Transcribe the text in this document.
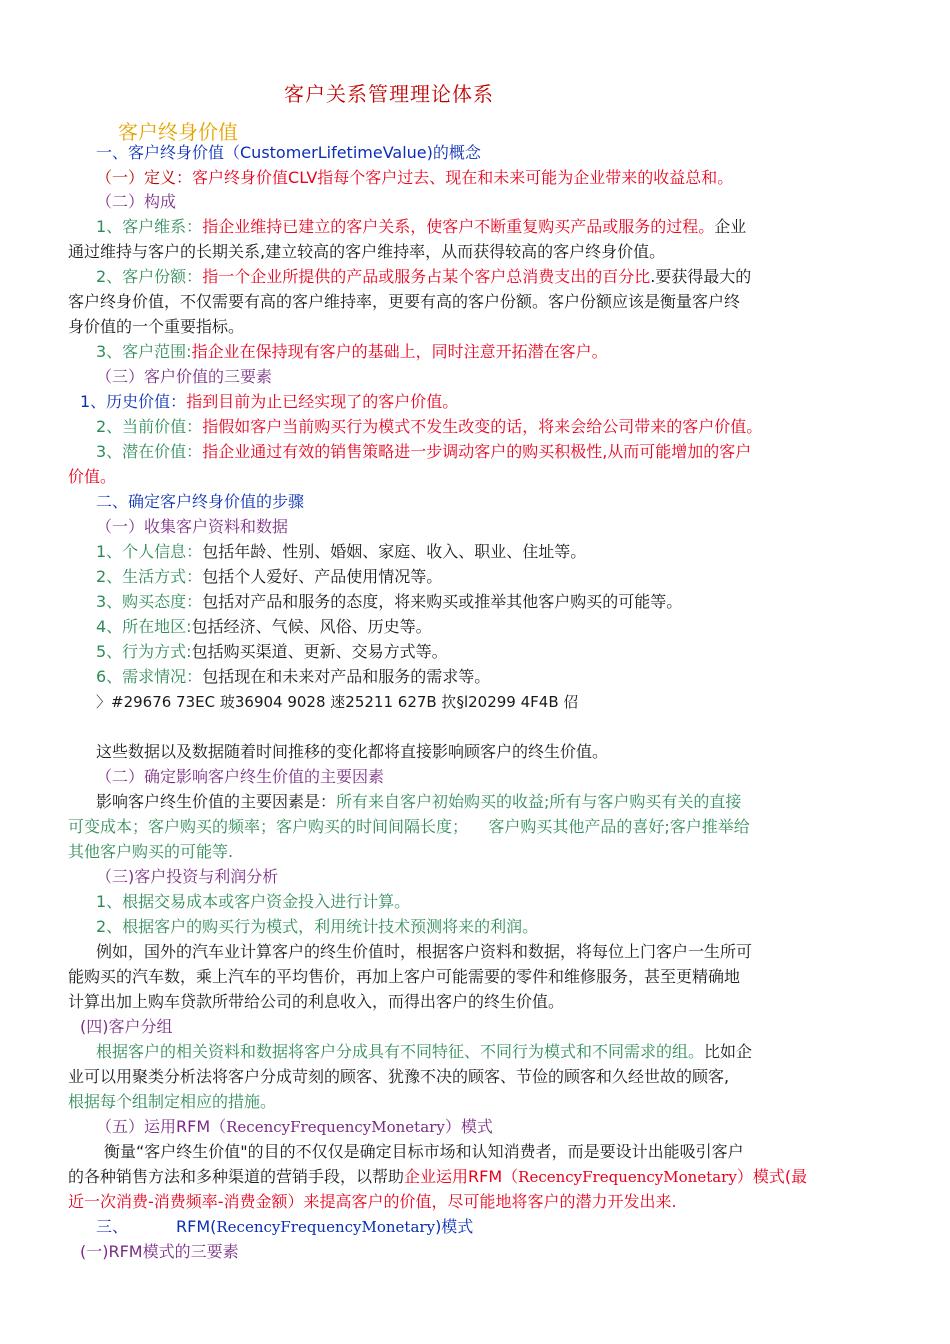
客户关系管理理论体系
客户终身价值
一、客户终身价值（CustomerLifetimeValue)的概念
（一）定义：客户终身价值CLV指每个客户过去、现在和未来可能为企业带来的收益总和。
（二）构成
1、客户维系：指企业维持已建立的客户关系，使客户不断重复购买产品或服务的过程。企业
通过维持与客户的长期关系,建立较高的客户维持率，从而获得较高的客户终身价值。
2、客户份额：指一个企业所提供的产品或服务占某个客户总消费支出的百分比.要获得最大的
客户终身价值，不仅需要有高的客户维持率，更要有高的客户份额。客户份额应该是衡量客户终
身价值的一个重要指标。
3、客户范围:指企业在保持现有客户的基础上，同时注意开拓潜在客户。
（三）客户价值的三要素
1、历史价值：指到目前为止已经实现了的客户价值。
2、当前价值：指假如客户当前购买行为模式不发生改变的话，将来会给公司带来的客户价值。
3、潜在价值：指企业通过有效的销售策略进一步调动客户的购买积极性,从而可能增加的客户
价值。
二、确定客户终身价值的步骤
（一）收集客户资料和数据
1、个人信息：包括年龄、性别、婚姻、家庭、收入、职业、住址等。
2、生活方式：包括个人爱好、产品使用情况等。
3、购买态度：包括对产品和服务的态度，将来购买或推举其他客户购买的可能等。
4、所在地区:包括经济、气候、风俗、历史等。
5、行为方式:包括购买渠道、更新、交易方式等。
6、需求情况：包括现在和未来对产品和服务的需求等。
〉#29676 73EC 玻36904 9028 逨25211 627B 扻§l20299 4F4B 佋
这些数据以及数据随着时间推移的变化都将直接影响顾客户的终生价值。
（二）确定影响客户终生价值的主要因素
影响客户终生价值的主要因素是：所有来自客户初始购买的收益;所有与客户购买有关的直接
可变成本；客户购买的频率；客户购买的时间间隔长度；    客户购买其他产品的喜好;客户推举给
其他客户购买的可能等.
（三)客户投资与利润分析
1、根据交易成本或客户资金投入进行计算。
2、根据客户的购买行为模式，利用统计技术预测将来的利润。
例如，国外的汽车业计算客户的终生价值时，根据客户资料和数据，将每位上门客户一生所可
能购买的汽车数，乘上汽车的平均售价，再加上客户可能需要的零件和维修服务，甚至更精确地
计算出加上购车贷款所带给公司的利息收入，而得出客户的终生价值。
(四)客户分组
根据客户的相关资料和数据将客户分成具有不同特征、不同行为模式和不同需求的组。比如企
业可以用聚类分析法将客户分成苛刻的顾客、犹豫不决的顾客、节俭的顾客和久经世故的顾客,
根据每个组制定相应的措施。
（五）运用RFM（RecencyFrequencyMonetary）模式
衡量“客户终生价值"的目的不仅仅是确定目标市场和认知消费者，而是要设计出能吸引客户
的各种销售方法和多种渠道的营销手段，以帮助企业运用RFM（RecencyFrequencyMonetary）模式(最
近一次消费-消费频率-消费金额）来提高客户的价值，尽可能地将客户的潜力开发出来.
三、	RFM(RecencyFrequencyMonetary)模式
(一)RFM模式的三要素
